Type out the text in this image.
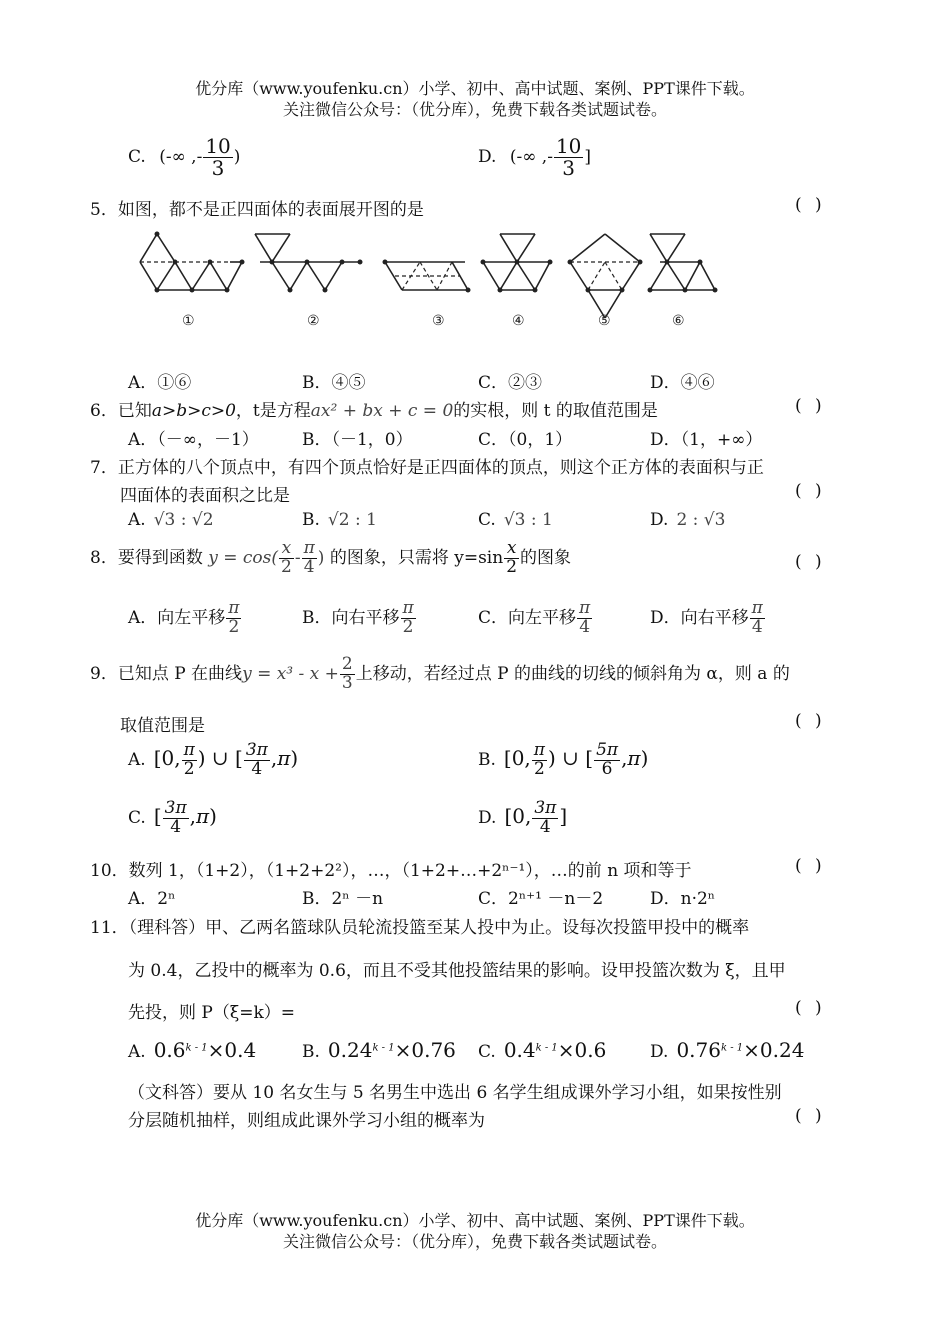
优分库（www.youfenku.cn）小学、初中、高中试题、案例、PPT课件下载。
关注微信公众号：（优分库），免费下载各类试题试卷。
C. (-∞ ,- $\frac{10}{3}$ )	D. (-∞ ,- $\frac{10}{3}$ ]
5．如图，都不是正四面体的表面展开图的是	( )
①	②	③	④	⑤	⑥
A．①⑥	B．④⑤	C．②③	D．④⑥
6．已知a>b>c>0，t是方程ax² + bx + c = 0的实根，则 t 的取值范围是	( )
A．（－∞，－1）	B．（－1，0）	C．（0，1）	D．（1，+∞）
7．正方体的八个顶点中，有四个顶点恰好是正四面体的顶点，则这个正方体的表面积与正
四面体的表面积之比是	( )
A. √3 : √2	B. √2 : 1	C. √3 : 1	D. 2 : √3
8．要得到函数 $y = \cos( \frac{x}{2} - \frac{\pi}{4}$ ) 的图象，只需将 $y=\sin \frac{x}{2}$ 的图象	( )
A．向左平移 $\frac{\pi}{2}$	B．向右平移 $\frac{\pi}{2}$	C．向左平移 $\frac{\pi}{4}$	D．向右平移 $\frac{\pi}{4}$
9．已知点 P 在曲线$y = x^3 - x + \frac{2}{3}$ 上移动，若经过点 P 的曲线的切线的倾斜角为 α，则 a 的
取值范围是	( )
A. [0, $\frac{\pi}{2}$ ) ∪ [ $\frac{3\pi}{4} ,\pi$)	B. [0, $\frac{\pi}{2}$ ) ∪ [ $\frac{5\pi}{6} ,\pi$)
C. [ $\frac{3\pi}{4} ,\pi$)	D. [0, $\frac{3\pi}{4}$ ]
10．数列 1，（1+2），（1+2+2²），…，（1+2+…+2ⁿ⁻¹），…的前 n 项和等于	( )
A．2ⁿ	B．2ⁿ －n	C．2ⁿ⁺¹ －n－2	D．n·2ⁿ
11．（理科答）甲、乙两名篮球队员轮流投篮至某人投中为止。设每次投篮甲投中的概率
为 0.4，乙投中的概率为 0.6，而且不受其他投篮结果的影响。设甲投篮次数为 ξ，且甲
先投，则 P（ξ=k）=	( )
A. $0.6^{k - 1}\times 0.4$	B. $0.24^{k - 1}\times 0.76$ C. $0.4^{k - 1}\times 0.6$	D. $0.76^{k - 1}\times 0.24$
（文科答）要从 10 名女生与 5 名男生中选出 6 名学生组成课外学习小组，如果按性别
分层随机抽样，则组成此课外学习小组的概率为	( )
优分库（www.youfenku.cn）小学、初中、高中试题、案例、PPT课件下载。
关注微信公众号：（优分库），免费下载各类试题试卷。
